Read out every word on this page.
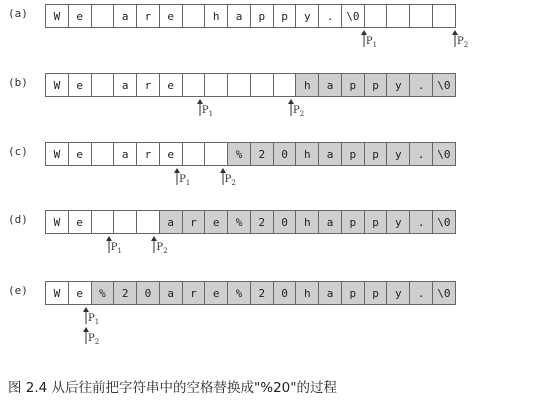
(a)	W	e	a	r	e	h	a	p	p	y	.	\0
$P_1$	$P_2$
(b)	W	e	a	r	e	h	a	p	p	y	.	\0
$P_1$	$P_2$
(c)	W	e	a	r	e	%	2	0	h	a	p	p	y	.	\0
$P_1$	$P_2$
(d)	W	e	a	r	e	%	2	0	h	a	p	p	y	.	\0
$P_1$	$P_2$
(e)	W	e	%	2	0	a	r	e	%	2	0	h	a	p	p	y	.	\0
$P_1$
$P_2$
图 2.4 从后往前把字符串中的空格替换成"%20"的过程
